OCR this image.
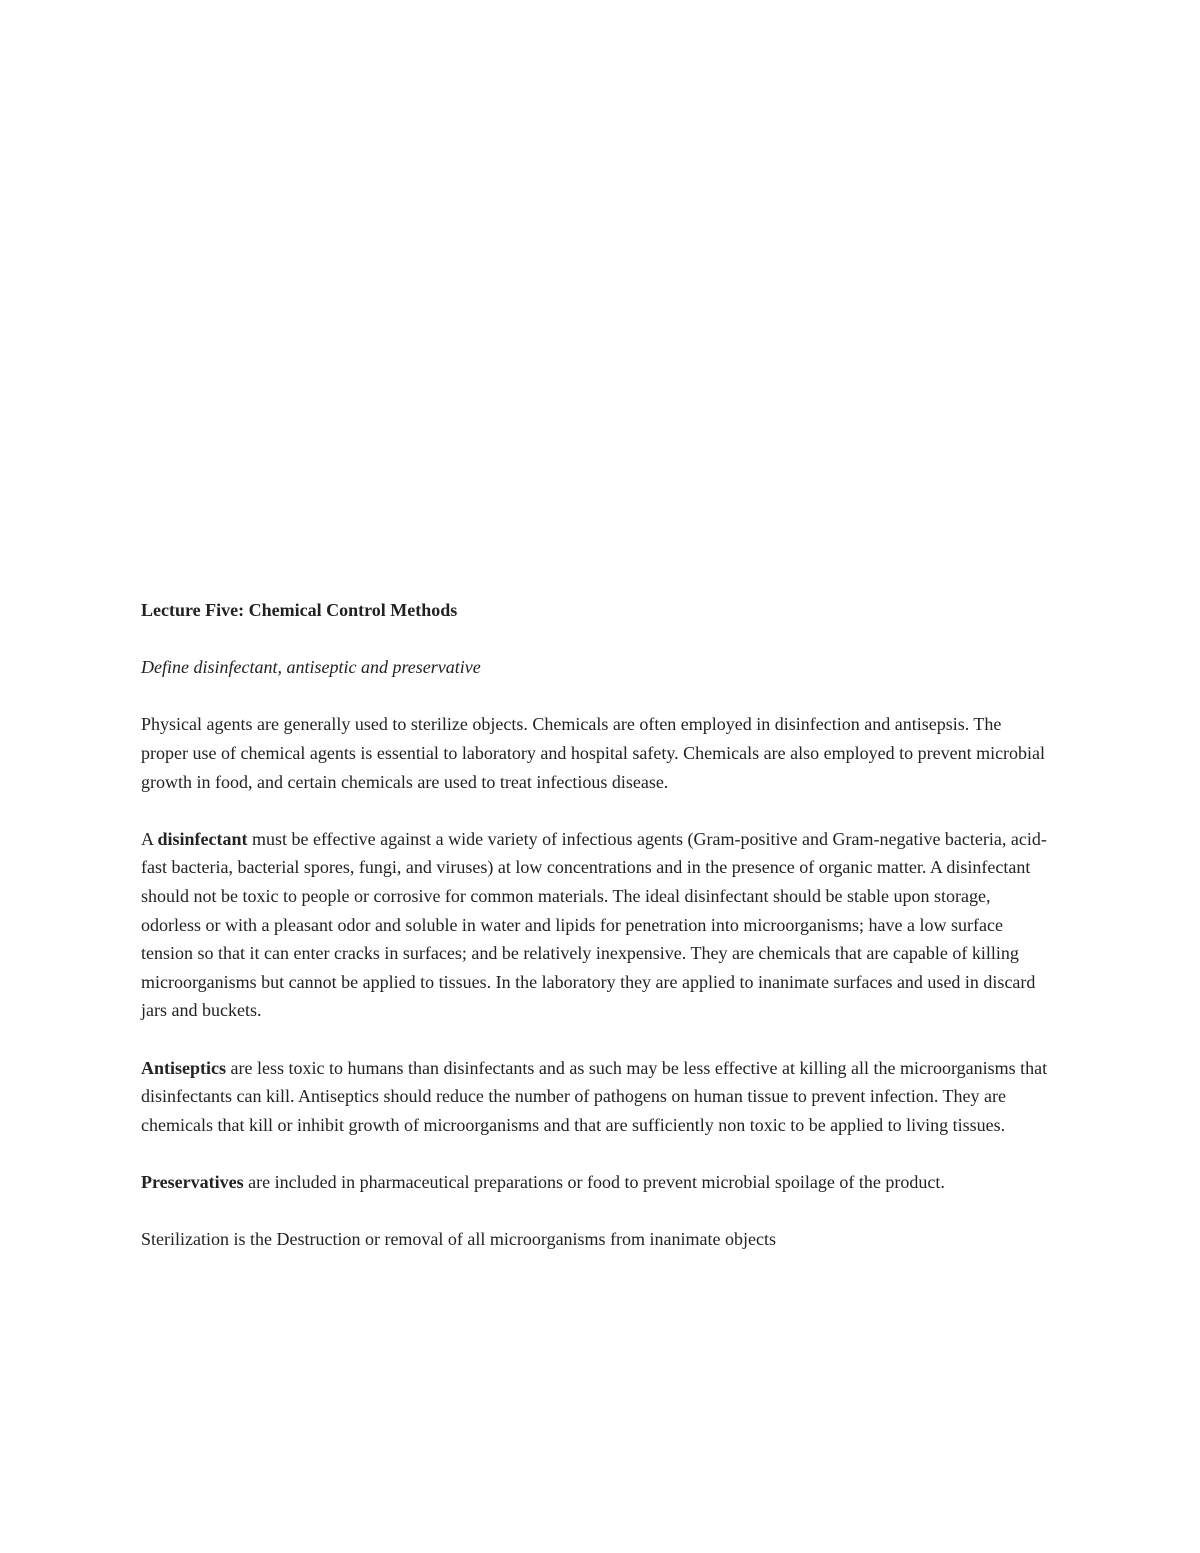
Lecture Five: Chemical Control Methods

Define disinfectant, antiseptic and preservative

Physical agents are generally used to sterilize objects. Chemicals are often employed in disinfection and antisepsis. The proper use of chemical agents is essential to laboratory and hospital safety. Chemicals are also employed to prevent microbial growth in food, and certain chemicals are used to treat infectious disease.

A disinfectant must be effective against a wide variety of infectious agents (Gram-positive and Gram-negative bacteria, acid-fast bacteria, bacterial spores, fungi, and viruses) at low concentrations and in the presence of organic matter. A disinfectant should not be toxic to people or corrosive for common materials. The ideal disinfectant should be stable upon storage, odorless or with a pleasant odor and soluble in water and lipids for penetration into microorganisms; have a low surface tension so that it can enter cracks in surfaces; and be relatively inexpensive. They are chemicals that are capable of killing microorganisms but cannot be applied to tissues. In the laboratory they are applied to inanimate surfaces and used in discard jars and buckets.

Antiseptics are less toxic to humans than disinfectants and as such may be less effective at killing all the microorganisms that disinfectants can kill. Antiseptics should reduce the number of pathogens on human tissue to prevent infection. They are chemicals that kill or inhibit growth of microorganisms and that are sufficiently non toxic to be applied to living tissues.

Preservatives are included in pharmaceutical preparations or food to prevent microbial spoilage of the product.

Sterilization is the Destruction or removal of all microorganisms from inanimate objects
